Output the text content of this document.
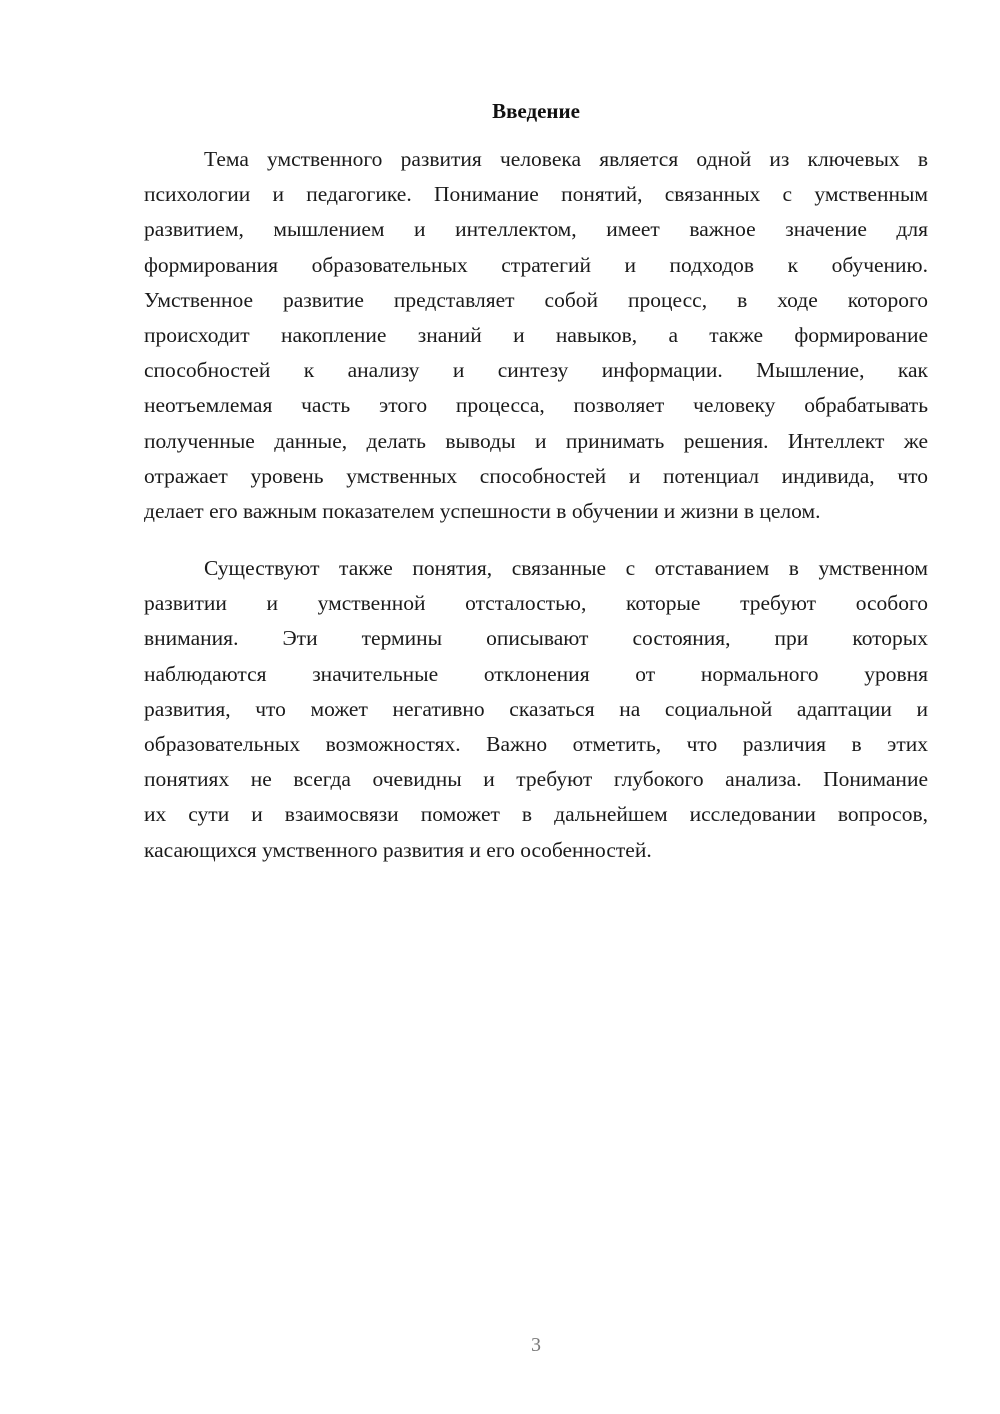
Введение
Тема умственного развития человека является одной из ключевых в
психологии и педагогике. Понимание понятий, связанных с умственным
развитием, мышлением и интеллектом, имеет важное значение для
формирования образовательных стратегий и подходов к обучению.
Умственное развитие представляет собой процесс, в ходе которого
происходит накопление знаний и навыков, а также формирование
способностей к анализу и синтезу информации. Мышление, как
неотъемлемая часть этого процесса, позволяет человеку обрабатывать
полученные данные, делать выводы и принимать решения. Интеллект же
отражает уровень умственных способностей и потенциал индивида, что
делает его важным показателем успешности в обучении и жизни в целом.
Существуют также понятия, связанные с отставанием в умственном
развитии и умственной отсталостью, которые требуют особого
внимания. Эти термины описывают состояния, при которых
наблюдаются значительные отклонения от нормального уровня
развития, что может негативно сказаться на социальной адаптации и
образовательных возможностях. Важно отметить, что различия в этих
понятиях не всегда очевидны и требуют глубокого анализа. Понимание
их сути и взаимосвязи поможет в дальнейшем исследовании вопросов,
касающихся умственного развития и его особенностей.
3
